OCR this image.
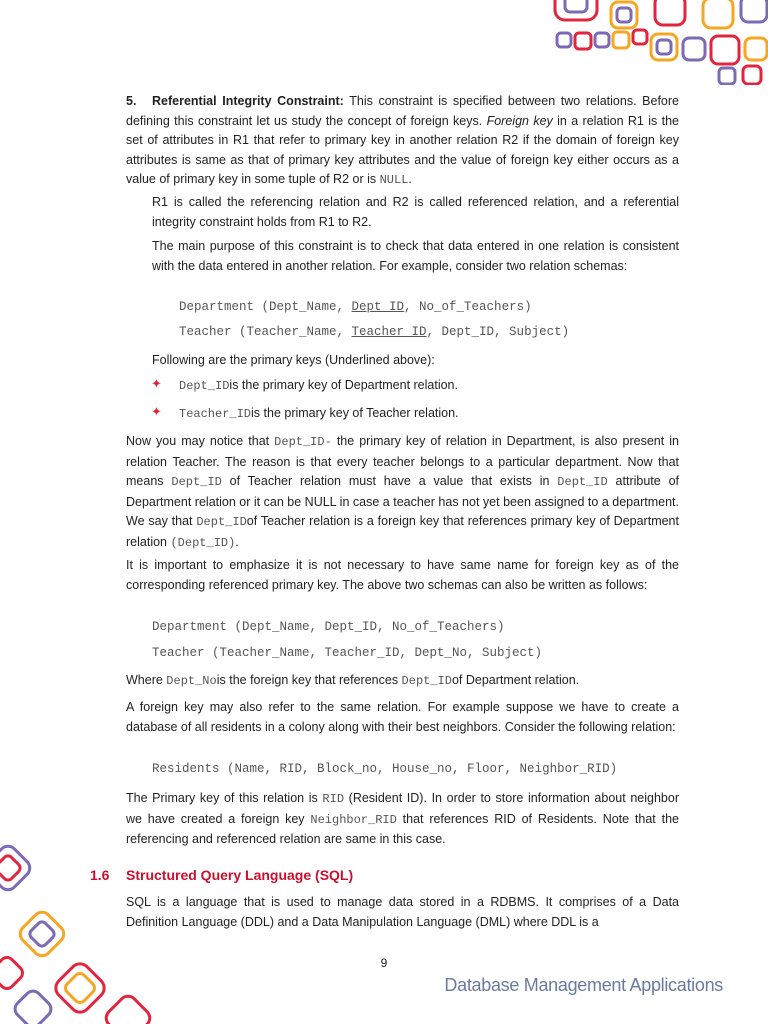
5. Referential Integrity Constraint: This constraint is specified between two relations. Before defining this constraint let us study the concept of foreign keys. Foreign key in a relation R1 is the set of attributes in R1 that refer to primary key in another relation R2 if the domain of foreign key attributes is same as that of primary key attributes and the value of foreign key either occurs as a value of primary key in some tuple of R2 or is NULL.
R1 is called the referencing relation and R2 is called referenced relation, and a referential integrity constraint holds from R1 to R2.
The main purpose of this constraint is to check that data entered in one relation is consistent with the data entered in another relation. For example, consider two relation schemas:
Department (Dept_Name, Dept_ID, No_of_Teachers)
Teacher (Teacher_Name, Teacher_ID, Dept_ID, Subject)
Following are the primary keys (Underlined above):
✦ Dept_IDis the primary key of Department relation.
✦ Teacher_IDis the primary key of Teacher relation.
Now you may notice that Dept_ID- the primary key of relation in Department, is also present in relation Teacher. The reason is that every teacher belongs to a particular department. Now that means Dept_ID of Teacher relation must have a value that exists in Dept_ID attribute of Department relation or it can be NULL in case a teacher has not yet been assigned to a department. We say that Dept_IDof Teacher relation is a foreign key that references primary key of Department relation (Dept_ID).
It is important to emphasize it is not necessary to have same name for foreign key as of the corresponding referenced primary key. The above two schemas can also be written as follows:
Department (Dept_Name, Dept_ID, No_of_Teachers)
Teacher (Teacher_Name, Teacher_ID, Dept_No, Subject)
Where Dept_Nois the foreign key that references Dept_IDof Department relation.
A foreign key may also refer to the same relation. For example suppose we have to create a database of all residents in a colony along with their best neighbors. Consider the following relation:
Residents (Name, RID, Block_no, House_no, Floor, Neighbor_RID)
The Primary key of this relation is RID (Resident ID). In order to store information about neighbor we have created a foreign key Neighbor_RID that references RID of Residents. Note that the referencing and referenced relation are same in this case.
1.6 Structured Query Language (SQL)
SQL is a language that is used to manage data stored in a RDBMS. It comprises of a Data Definition Language (DDL) and a Data Manipulation Language (DML) where DDL is a
9
Database Management Applications
